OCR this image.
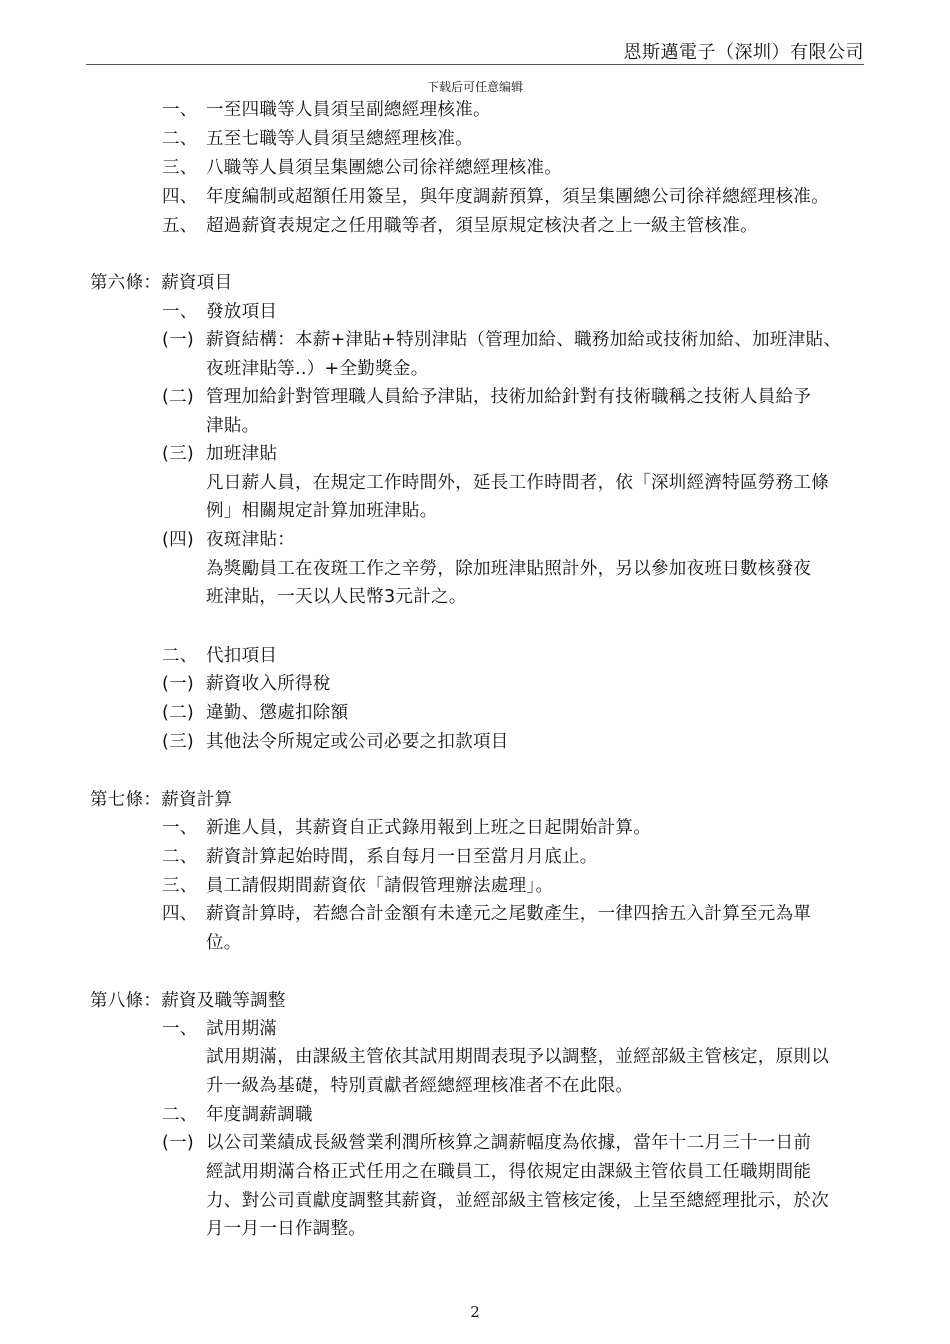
恩斯邁電子（深圳）有限公司
下载后可任意编辑
一、 一至四職等人員須呈副總經理核准。
二、 五至七職等人員須呈總經理核准。
三、 八職等人員須呈集團總公司徐祥總經理核准。
四、 年度編制或超額任用簽呈，與年度調薪預算，須呈集團總公司徐祥總經理核准。
五、 超過薪資表規定之任用職等者，須呈原規定核決者之上一級主管核准。
第六條：薪資項目
一、 發放項目
(一) 薪資結構：本薪+津貼+特別津貼（管理加給、職務加給或技術加給、加班津貼、
夜班津貼等..）+全勤獎金。
(二) 管理加給針對管理職人員給予津貼，技術加給針對有技術職稱之技術人員給予
津貼。
(三) 加班津貼
凡日薪人員，在規定工作時間外，延長工作時間者，依「深圳經濟特區勞務工條
例」相關規定計算加班津貼。
(四) 夜斑津貼：
為獎勵員工在夜斑工作之辛勞，除加班津貼照計外，另以參加夜班日數核發夜
班津貼，一天以人民幣3元計之。
二、 代扣項目
(一) 薪資收入所得稅
(二) 違勤、懲處扣除額
(三) 其他法令所規定或公司必要之扣款項目
第七條：薪資計算
一、 新進人員，其薪資自正式錄用報到上班之日起開始計算。
二、 薪資計算起始時間，系自每月一日至當月月底止。
三、 員工請假期間薪資依「請假管理辦法處理」。
四、 薪資計算時，若總合計金額有未達元之尾數產生，一律四捨五入計算至元為單
位。
第八條：薪資及職等調整
一、 試用期滿
試用期滿，由課級主管依其試用期間表現予以調整，並經部級主管核定，原則以
升一級為基礎，特別貢獻者經總經理核准者不在此限。
二、 年度調薪調職
(一) 以公司業績成長級營業利潤所核算之調薪幅度為依據，當年十二月三十一日前
經試用期滿合格正式任用之在職員工，得依規定由課級主管依員工任職期間能
力、對公司貢獻度調整其薪資，並經部級主管核定後，上呈至總經理批示，於次
月一月一日作調整。
2
